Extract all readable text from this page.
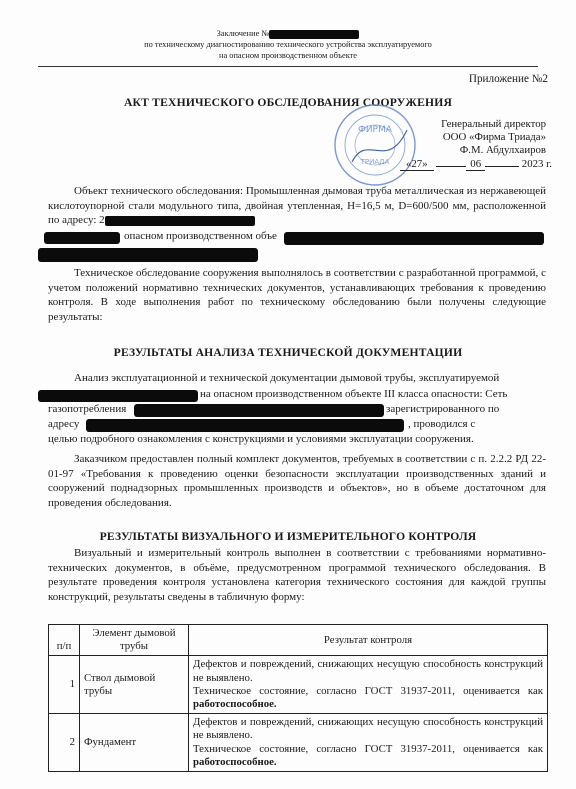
Заключение №
по техническому диагностированию технического устройства эксплуатируемого
на опасном производственном объекте
Приложение №2
АКТ ТЕХНИЧЕСКОГО ОБСЛЕДОВАНИЯ СООРУЖЕНИЯ
ФИРМА
ТРИАДА
Генеральный директор
ООО «Фирма Триада»
Ф.М. Абдулхаиров
«27»	06	2023 г.

Объект технического обследования: Промышленная дымовая труба металлическая из нержавеющей кислотоупорной стали модульного типа, двойная утепленная, H=16,5 м, D=600/500 мм, расположенной по адресу: 2

опасном производственном объе

Техническое обследование сооружения выполнялось в соответствии с разработанной программой, с учетом положений нормативно технических документов, устанавливающих требования к проведению контроля. В ходе выполнения работ по техническому обследованию были получены следующие результаты:

РЕЗУЛЬТАТЫ АНАЛИЗА ТЕХНИЧЕСКОЙ ДОКУМЕНТАЦИИ
Анализ эксплуатационной и технической документации дымовой трубы, эксплуатируемой
на опасном производственном объекте III класса опасности: Сеть
газопотребления	зарегистрированного по
адресу	, проводился с
целью подробного ознакомления с конструкциями и условиями эксплуатации сооружения.

Заказчиком предоставлен полный комплект документов, требуемых в соответствии с п. 2.2.2 РД 22-01-97 «Требования к проведению оценки безопасности эксплуатации производственных зданий и сооружений поднадзорных промышленных производств и объектов», но в объеме достаточном для проведения обследования.

РЕЗУЛЬТАТЫ ВИЗУАЛЬНОГО И ИЗМЕРИТЕЛЬНОГО КОНТРОЛЯ

Визуальный и измерительный контроль выполнен в соответствии с требованиями нормативно-технических документов, в объёме, предусмотренном программой технического обследования. В результате проведения контроля установлена категория технического состояния для каждой группы конструкций, результаты сведены в табличную форму:

п/п	Элемент дымовой трубы	Результат контроля
1	Ствол дымовой трубы	Дефектов и повреждений, снижающих несущую способность конструкций не выявлено.
Техническое состояние, согласно ГОСТ 31937-2011, оценивается как работоспособное.

2	Фундамент	Дефектов и повреждений, снижающих несущую способность конструкций не выявлено.
Техническое состояние, согласно ГОСТ 31937-2011, оценивается как работоспособное.
